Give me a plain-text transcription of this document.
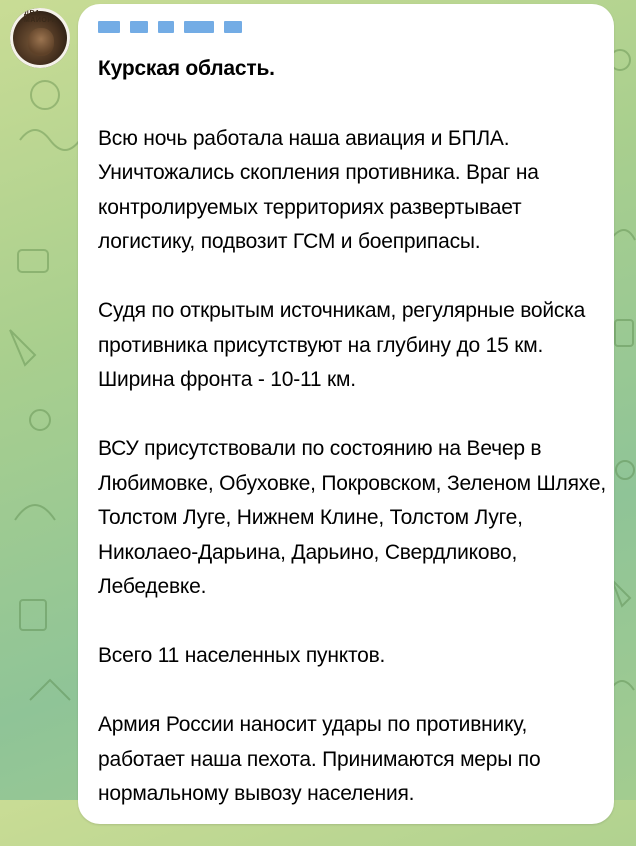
ДВА МАЙОРА

Курская область.

Всю ночь работала наша авиация и БПЛА. Уничтожались скопления противника. Враг на контролируемых территориях развертывает логистику, подвозит ГСМ и боеприпасы.

Судя по открытым источникам, регулярные войска противника присутствуют на глубину до 15 км. Ширина фронта - 10-11 км.

ВСУ присутствовали по состоянию на Вечер в Любимовке, Обуховке, Покровском, Зеленом Шляхе, Толстом Луге, Нижнем Клине, Толстом Луге, Николаео-Дарьина, Дарьино, Свердликово, Лебедевке.

Всего 11 населенных пунктов.

Армия России наносит удары по противнику, работает наша пехота. Принимаются меры по нормальному вывозу населения.
